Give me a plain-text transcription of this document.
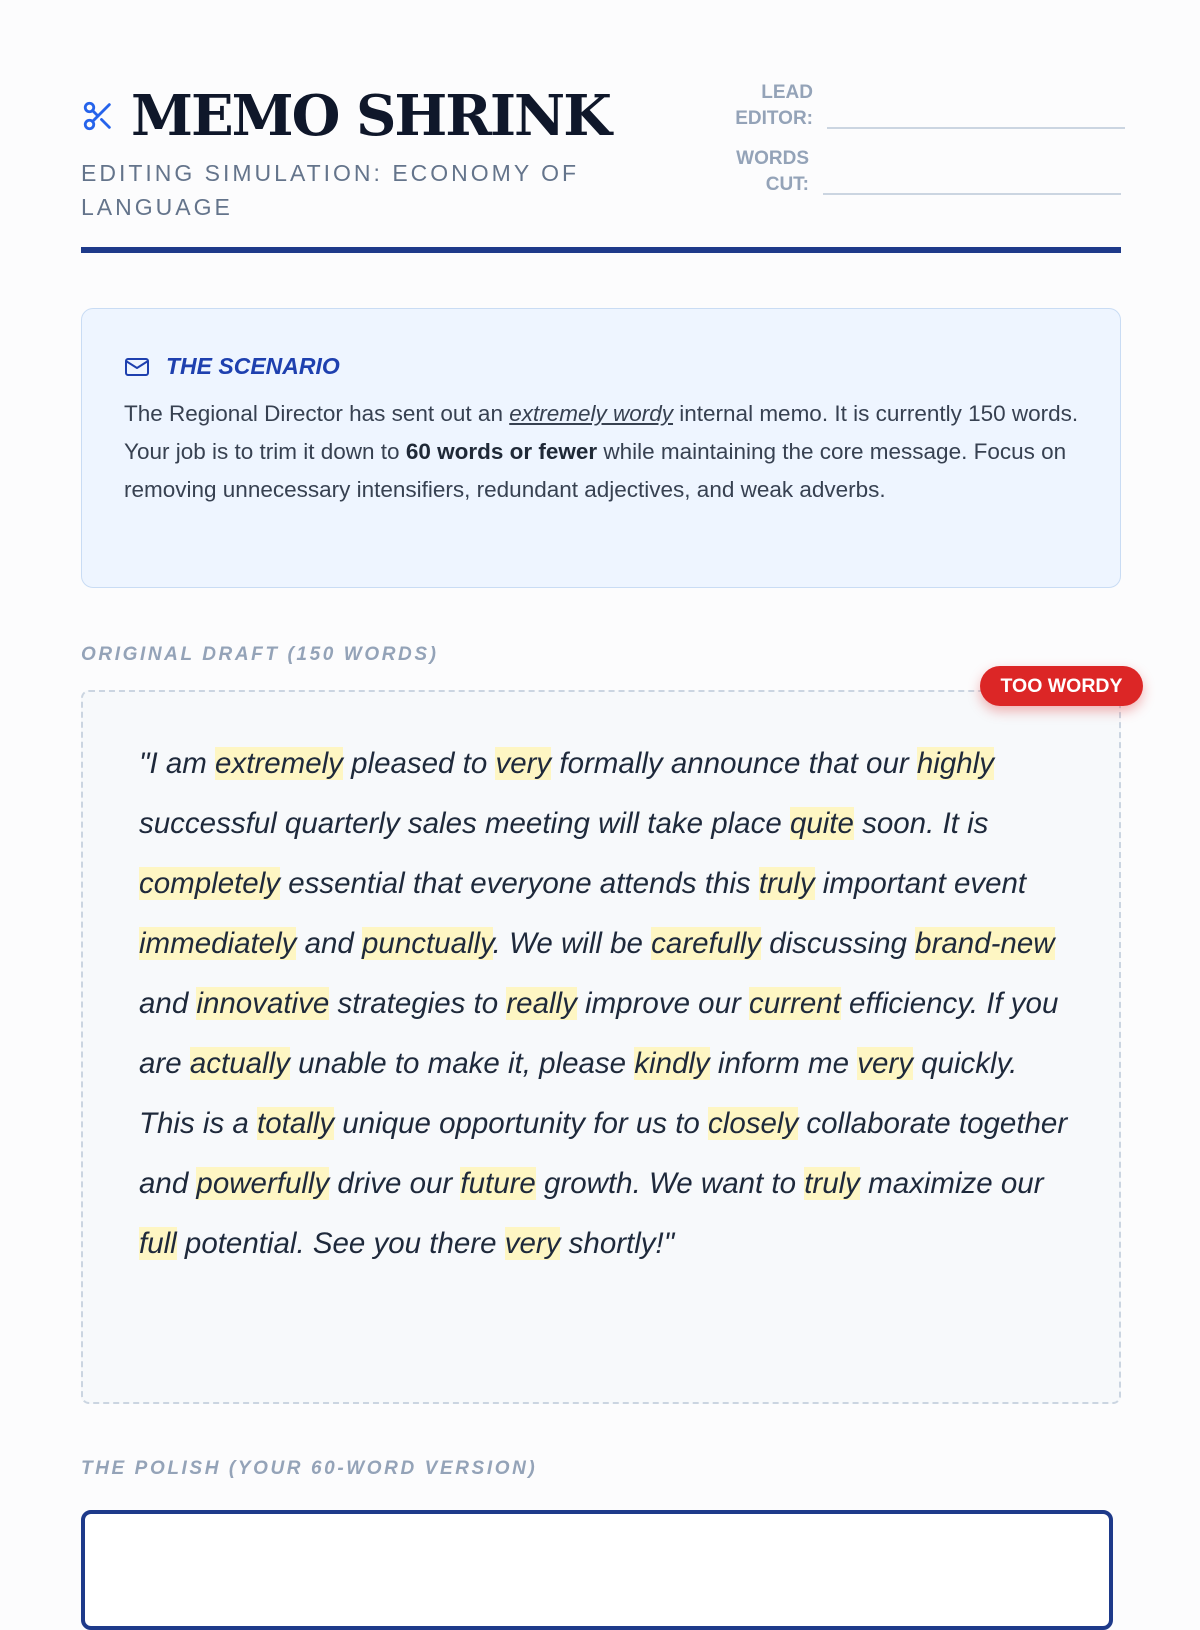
MEMO SHRINK
EDITING SIMULATION: ECONOMY OF LANGUAGE
LEAD
EDITOR:
WORDS
CUT:
THE SCENARIO
The Regional Director has sent out an extremely wordy internal memo. It is currently 150 words. Your job is to trim it down to 60 words or fewer while maintaining the core message. Focus on removing unnecessary intensifiers, redundant adjectives, and weak adverbs.
ORIGINAL DRAFT (150 WORDS)
"I am extremely pleased to very formally announce that our highly successful quarterly sales meeting will take place quite soon. It is completely essential that everyone attends this truly important event immediately and punctually. We will be carefully discussing brand-new and innovative strategies to really improve our current efficiency. If you are actually unable to make it, please kindly inform me very quickly. This is a totally unique opportunity for us to closely collaborate together and powerfully drive our future growth. We want to truly maximize our full potential. See you there very shortly!"
TOO WORDY
THE POLISH (YOUR 60-WORD VERSION)
